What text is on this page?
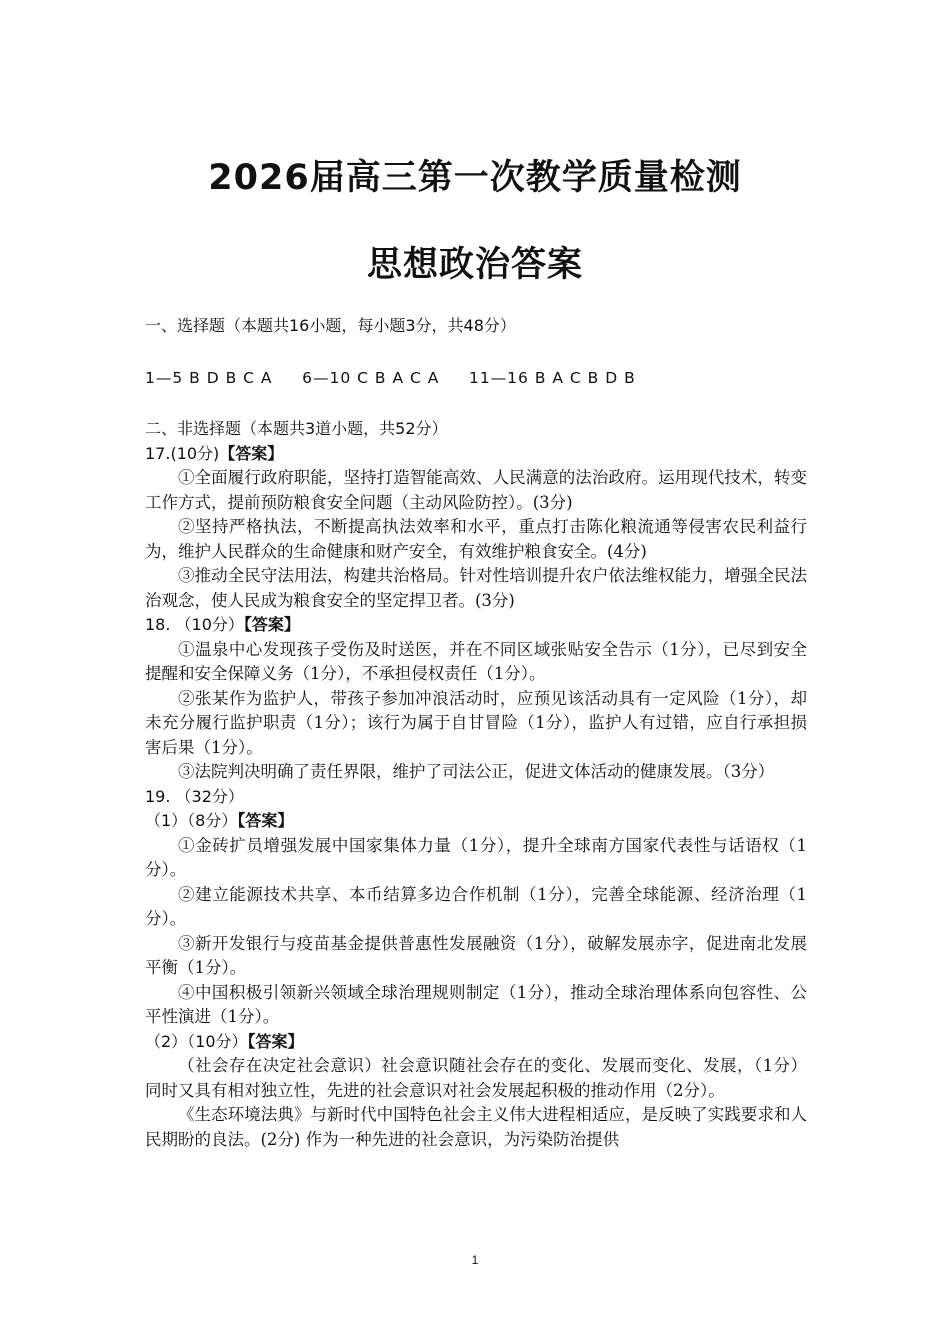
2026届高三第一次教学质量检测
思想政治答案
一、选择题（本题共16小题，每小题3分，共48分）
1—5 B D B C A     6—10 C B A C A     11—16 B A C B D B
二、非选择题（本题共3道小题，共52分）
17.(10分)【答案】

①全面履行政府职能，坚持打造智能高效、人民满意的法治政府。运用现代技术，转变工作方式，提前预防粮食安全问题（主动风险防控）。(3分)

②坚持严格执法，不断提高执法效率和水平，重点打击陈化粮流通等侵害农民利益行为，维护人民群众的生命健康和财产安全，有效维护粮食安全。(4分)

③推动全民守法用法，构建共治格局。针对性培训提升农户依法维权能力，增强全民法治观念，使人民成为粮食安全的坚定捍卫者。(3分)

18. （10分）【答案】

①温泉中心发现孩子受伤及时送医，并在不同区域张贴安全告示（1分），已尽到安全提醒和安全保障义务（1分），不承担侵权责任（1分）。

②张某作为监护人，带孩子参加冲浪活动时，应预见该活动具有一定风险（1分），却未充分履行监护职责（1分）；该行为属于自甘冒险（1分），监护人有过错，应自行承担损害后果（1分）。

③法院判决明确了责任界限，维护了司法公正，促进文体活动的健康发展。（3分）

19. （32分）
（1）（8分）【答案】

①金砖扩员增强发展中国家集体力量（1分），提升全球南方国家代表性与话语权（1分）。

②建立能源技术共享、本币结算多边合作机制（1分），完善全球能源、经济治理（1分）。

③新开发银行与疫苗基金提供普惠性发展融资（1分），破解发展赤字，促进南北发展平衡（1分）。

④中国积极引领新兴领域全球治理规则制定（1分），推动全球治理体系向包容性、公平性演进（1分）。

（2）（10分）【答案】

（社会存在决定社会意识）社会意识随社会存在的变化、发展而变化、发展，（1分）同时又具有相对独立性，先进的社会意识对社会发展起积极的推动作用（2分）。

《生态环境法典》与新时代中国特色社会主义伟大进程相适应，是反映了实践要求和人民期盼的良法。(2分) 作为一种先进的社会意识，为污染防治提供

1
